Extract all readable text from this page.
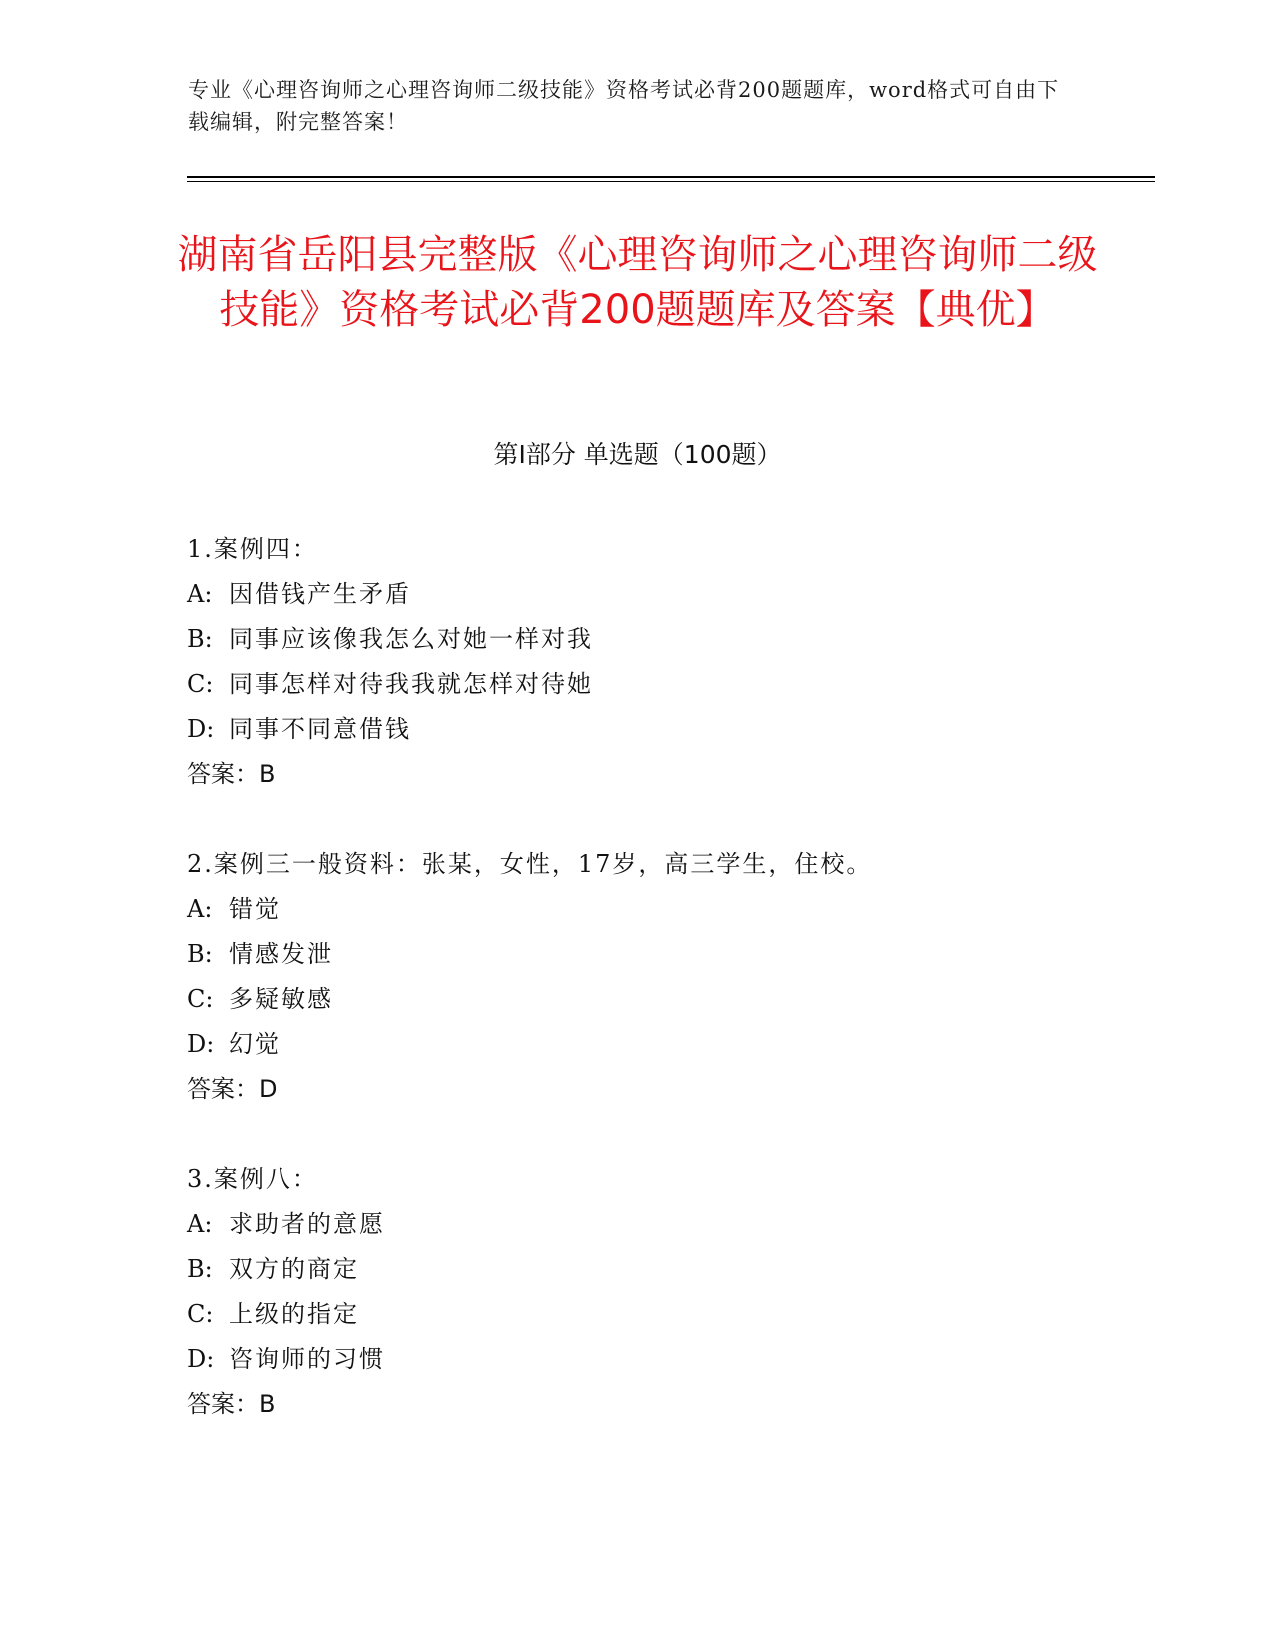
专业《心理咨询师之心理咨询师二级技能》资格考试必背200题题库，word格式可自由下载编辑，附完整答案！
湖南省岳阳县完整版《心理咨询师之心理咨询师二级技能》资格考试必背200题题库及答案【典优】
第Ⅰ部分 单选题（100题）
1.案例四：
A: 因借钱产生矛盾
B: 同事应该像我怎么对她一样对我
C: 同事怎样对待我我就怎样对待她
D: 同事不同意借钱
答案：B
2.案例三一般资料：张某，女性，17岁，高三学生，住校。
A: 错觉
B: 情感发泄
C: 多疑敏感
D: 幻觉
答案：D
3.案例八：
A: 求助者的意愿
B: 双方的商定
C: 上级的指定
D: 咨询师的习惯
答案：B
